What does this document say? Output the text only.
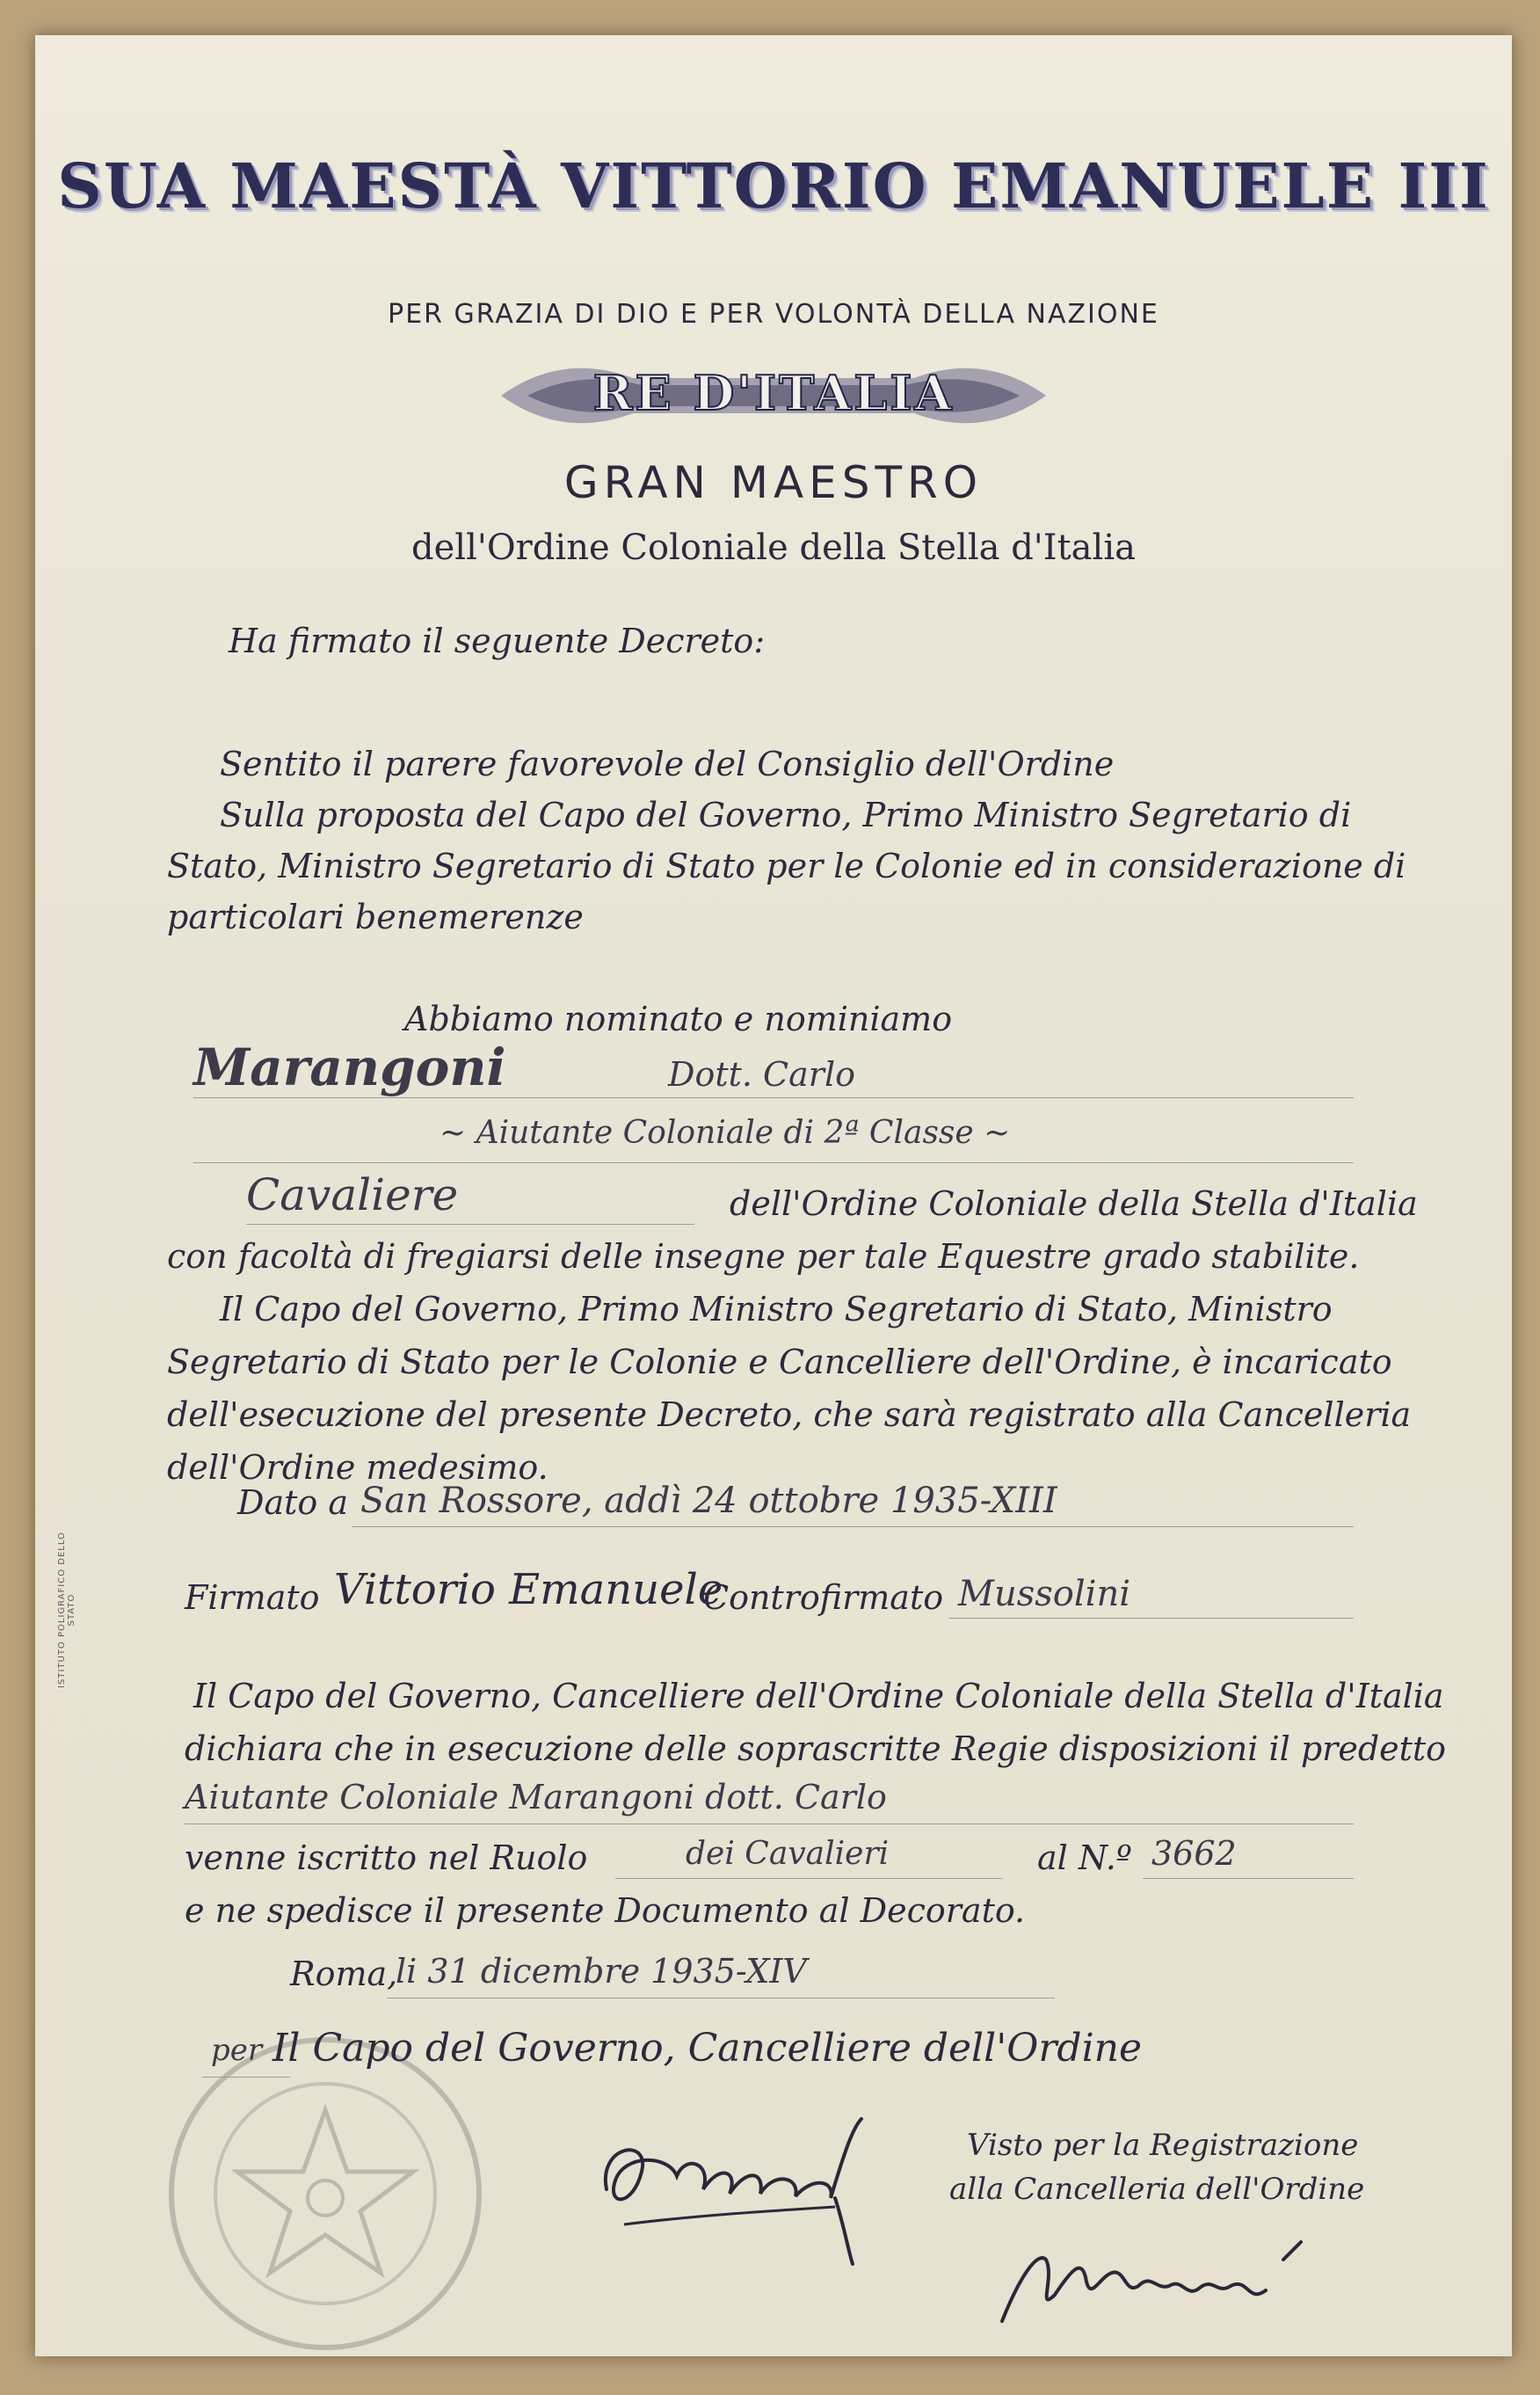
SUA MAESTÀ VITTORIO EMANUELE III
PER GRAZIA DI DIO E PER VOLONTÀ DELLA NAZIONE
RE D'ITALIA
GRAN MAESTRO
dell'Ordine Coloniale della Stella d'Italia
Ha firmato il seguente Decreto:
Sentito il parere favorevole del Consiglio dell'Ordine
Sulla proposta del Capo del Governo, Primo Ministro Segretario di
Stato, Ministro Segretario di Stato per le Colonie ed in considerazione di
particolari benemerenze
Abbiamo nominato e nominiamo
Marangoni	Dott. Carlo
~ Aiutante Coloniale di 2ª Classe ~
Cavaliere	dell'Ordine Coloniale della Stella d'Italia
con facoltà di fregiarsi delle insegne per tale Equestre grado stabilite.
Il Capo del Governo, Primo Ministro Segretario di Stato, Ministro
Segretario di Stato per le Colonie e Cancelliere dell'Ordine, è incaricato
dell'esecuzione del presente Decreto, che sarà registrato alla Cancelleria
dell'Ordine medesimo.
Dato a San Rossore, addì 24 ottobre 1935-XIII
Firmato Vittorio Emanuele
Controfirmato Mussolini
Il Capo del Governo, Cancelliere dell'Ordine Coloniale della Stella d'Italia
dichiara che in esecuzione delle soprascritte Regie disposizioni il predetto
Aiutante Coloniale Marangoni dott. Carlo
venne iscritto nel Ruolo	dei Cavalieri	al N.º 3662
e ne spedisce il presente Documento al Decorato.
Roma,
li 31 dicembre 1935-XIV
per Il Capo del Governo, Cancelliere dell'Ordine
Pessone
Visto per la Registrazione
alla Cancelleria dell'Ordine
Marcuzzi
ISTITUTO POLIGRAFICO DELLO STATO
